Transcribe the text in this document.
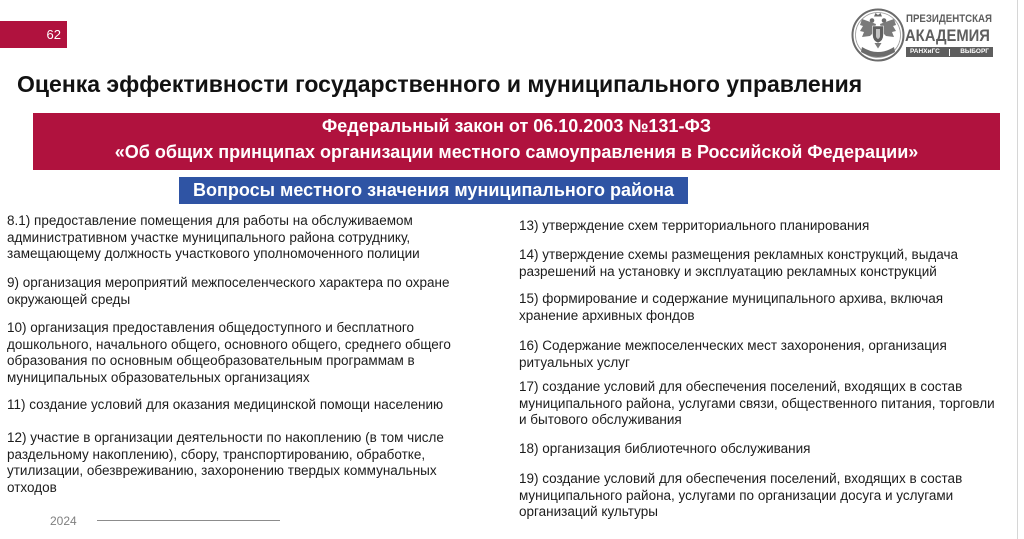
62
ПРЕЗИДЕНТСКАЯ
АКАДЕМИЯ
РАНХиГС	ВЫБОРГ
Оценка эффективности государственного и муниципального управления
Федеральный закон от 06.10.2003 №131-ФЗ
«Об общих принципах организации местного самоуправления в Российской Федерации»
Вопросы местного значения муниципального района
8.1) предоставление помещения для работы на обслуживаемом
административном участке муниципального района сотруднику,
замещающему должность участкового уполномоченного полиции
9) организация мероприятий межпоселенческого характера по охране
окружающей среды
10) организация предоставления общедоступного и бесплатного
дошкольного, начального общего, основного общего, среднего общего
образования по основным общеобразовательным программам в
муниципальных образовательных организациях
11) создание условий для оказания медицинской помощи населению
12) участие в организации деятельности по накоплению (в том числе
раздельному накоплению), сбору, транспортированию, обработке,
утилизации, обезвреживанию, захоронению твердых коммунальных
отходов
13) утверждение схем территориального планирования
14) утверждение схемы размещения рекламных конструкций, выдача
разрешений на установку и эксплуатацию рекламных конструкций
15) формирование и содержание муниципального архива, включая
хранение архивных фондов
16) Содержание межпоселенческих мест захоронения, организация
ритуальных услуг
17) создание условий для обеспечения поселений, входящих в состав
муниципального района, услугами связи, общественного питания, торговли
и бытового обслуживания
18) организация библиотечного обслуживания
19) создание условий для обеспечения поселений, входящих в состав
муниципального района, услугами по организации досуга и услугами
организаций культуры
2024
